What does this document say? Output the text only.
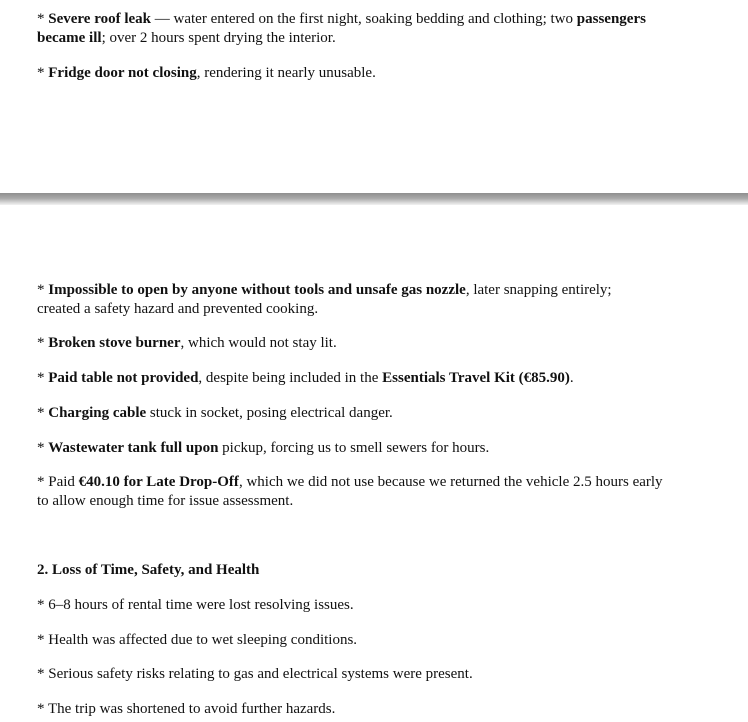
* Severe roof leak — water entered on the first night, soaking bedding and clothing; two passengers became ill; over 2 hours spent drying the interior.

* Fridge door not closing, rendering it nearly unusable.

* Impossible to open by anyone without tools and unsafe gas nozzle, later snapping entirely; created a safety hazard and prevented cooking.

* Broken stove burner, which would not stay lit.

* Paid table not provided, despite being included in the Essentials Travel Kit (€85.90).

* Charging cable stuck in socket, posing electrical danger.

* Wastewater tank full upon pickup, forcing us to smell sewers for hours.

* Paid €40.10 for Late Drop-Off, which we did not use because we returned the vehicle 2.5 hours early to allow enough time for issue assessment.

2. Loss of Time, Safety, and Health

* 6–8 hours of rental time were lost resolving issues.

* Health was affected due to wet sleeping conditions.

* Serious safety risks relating to gas and electrical systems were present.

* The trip was shortened to avoid further hazards.
